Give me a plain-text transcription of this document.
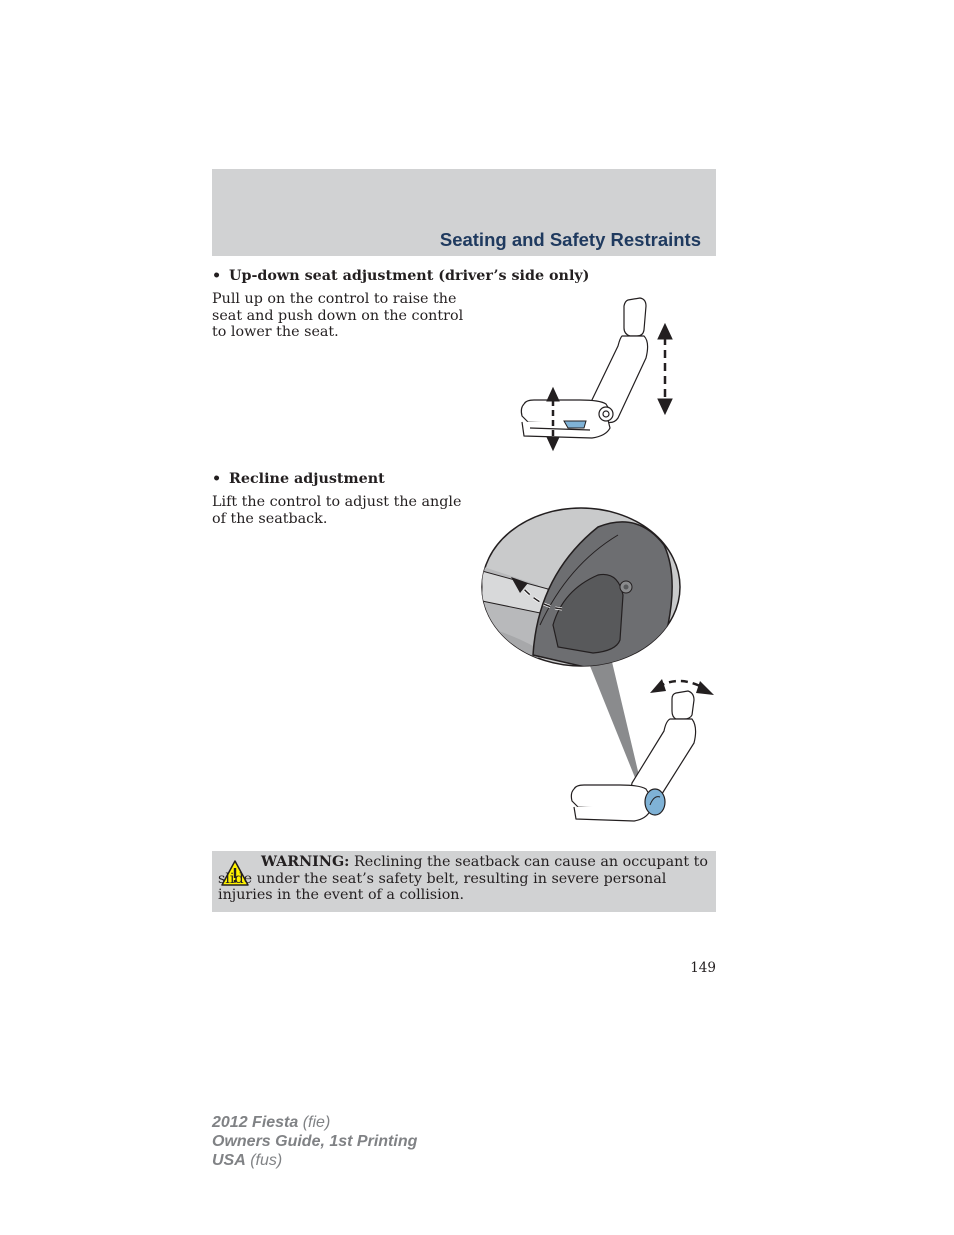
Seating and Safety Restraints
• Up-down seat adjustment (driver’s side only)
Pull up on the control to raise the
seat and push down on the control
to lower the seat.
• Recline adjustment
Lift the control to adjust the angle
of the seatback.
WARNING: Reclining the seatback can cause an occupant to slide under the seat’s safety belt, resulting in severe personal injuries in the event of a collision.
149
2012 Fiesta (fie)
Owners Guide, 1st Printing
USA (fus)
